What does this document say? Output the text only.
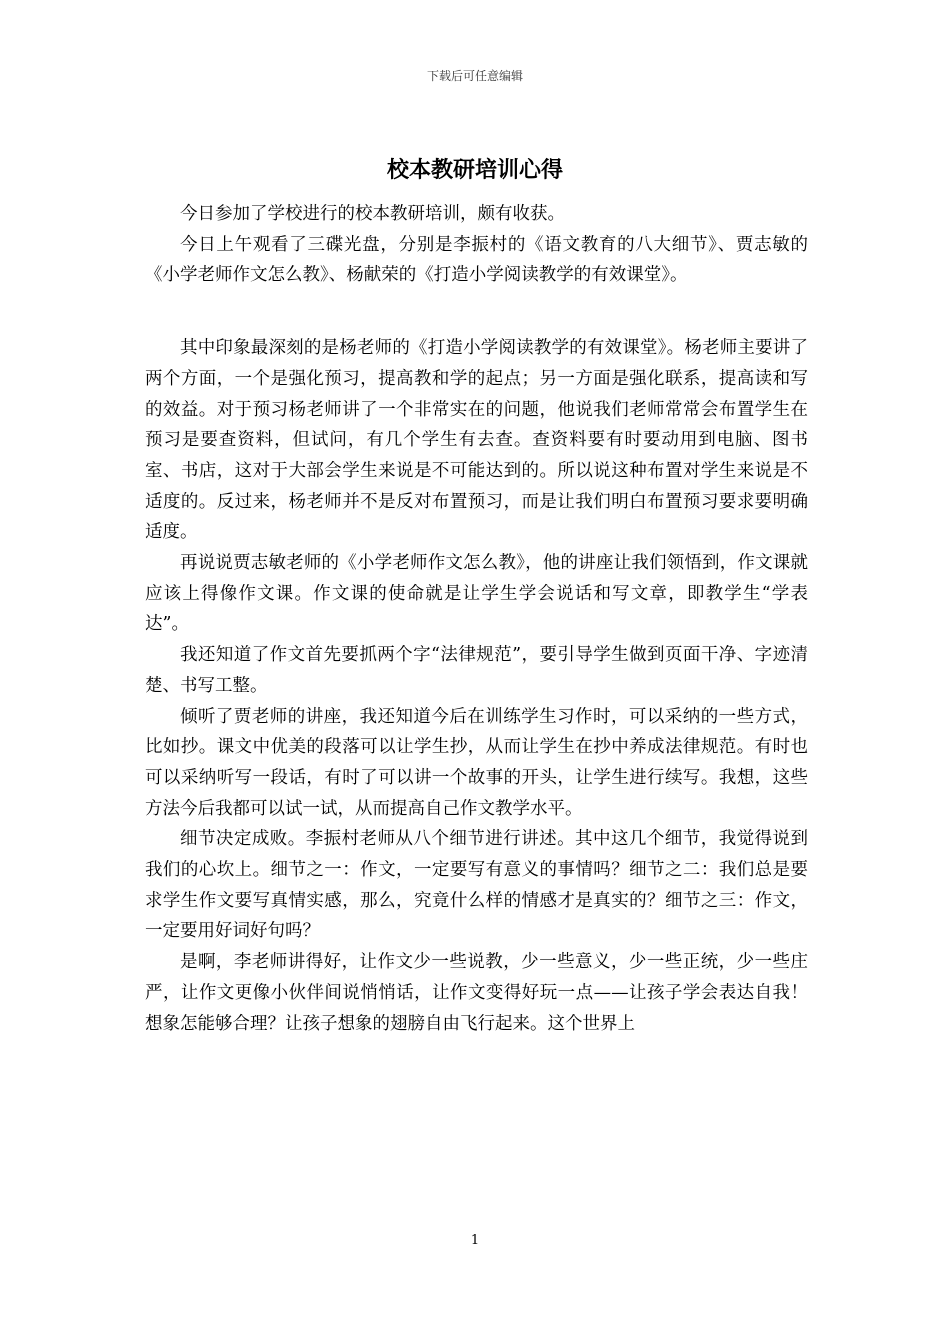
下载后可任意编辑
校本教研培训心得

今日参加了学校进行的校本教研培训，颇有收获。

今日上午观看了三碟光盘，分别是李振村的《语文教育的八大细节》、贾志敏的《小学老师作文怎么教》、杨献荣的《打造小学阅读教学的有效课堂》。

其中印象最深刻的是杨老师的《打造小学阅读教学的有效课堂》。杨老师主要讲了两个方面，一个是强化预习，提高教和学的起点；另一方面是强化联系，提高读和写的效益。对于预习杨老师讲了一个非常实在的问题，他说我们老师常常会布置学生在预习是要查资料，但试问，有几个学生有去查。查资料要有时要动用到电脑、图书室、书店，这对于大部会学生来说是不可能达到的。所以说这种布置对学生来说是不适度的。反过来，杨老师并不是反对布置预习，而是让我们明白布置预习要求要明确适度。

再说说贾志敏老师的《小学老师作文怎么教》，他的讲座让我们领悟到，作文课就应该上得像作文课。作文课的使命就是让学生学会说话和写文章，即教学生“学表达”。

我还知道了作文首先要抓两个字“法律规范”，要引导学生做到页面干净、字迹清楚、书写工整。

倾听了贾老师的讲座，我还知道今后在训练学生习作时，可以采纳的一些方式，比如抄。课文中优美的段落可以让学生抄，从而让学生在抄中养成法律规范。有时也可以采纳听写一段话，有时了可以讲一个故事的开头，让学生进行续写。我想，这些方法今后我都可以试一试，从而提高自己作文教学水平。

细节决定成败。李振村老师从八个细节进行讲述。其中这几个细节，我觉得说到我们的心坎上。细节之一：作文，一定要写有意义的事情吗？细节之二：我们总是要求学生作文要写真情实感，那么，究竟什么样的情感才是真实的？细节之三：作文，一定要用好词好句吗？

是啊，李老师讲得好，让作文少一些说教，少一些意义，少一些正统，少一些庄严，让作文更像小伙伴间说悄悄话，让作文变得好玩一点——让孩子学会表达自我！想象怎能够合理？让孩子想象的翅膀自由飞行起来。这个世界上

1
